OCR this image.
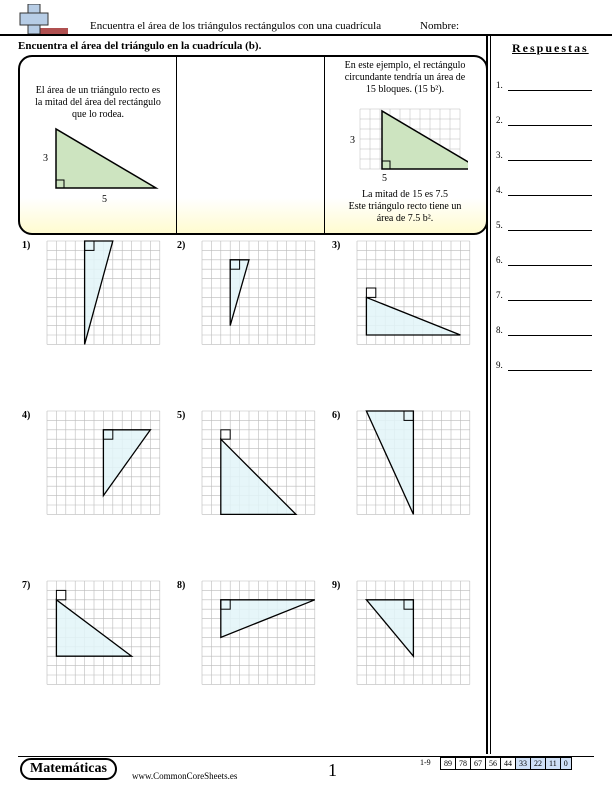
Encuentra el área de los triángulos rectángulos con una cuadrícula	Nombre:
Encuentra el área del triángulo en la cuadrícula (b).	Respuestas
1.
2.
3.
4.
5.
6.
7.
8.
9.
El área de un triángulo recto es
la mitad del área del rectángulo
que lo rodea.
3
5
En este ejemplo, el rectángulo
circundante tendría un área de
15 bloques. (15 b²).
3
5
La mitad de 15 es 7.5
Este triángulo recto tiene un
área de 7.5 b².
1)	2)	3)
4)	5)	6)
7)	8)	9)
Matemáticas	www.CommonCoreSheets.es	1	1-9	89 78 67 56 44 33 22 11 0
